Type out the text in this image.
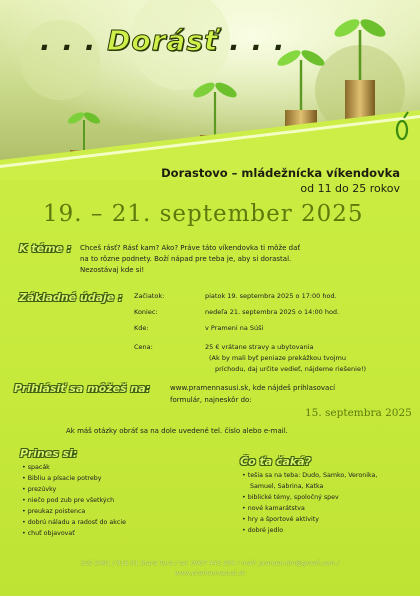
. . . Dorásť . . .
Dorastovo – mládežnícka víkendovka
od 11 do 25 rokov
19. – 21. september 2025
K téme : Chceš rásť? Rásť kam? Ako? Práve táto víkendovka ti môže dať
na to rôzne podnety. Boží nápad pre teba je, aby si dorastal.
Nezostávaj kde si!
Základné údaje : Začiatok:	piatok 19. septembra 2025 o 17:00 hod.
Koniec:	nedeľa 21. septembra 2025 o 14:00 hod.
Kde:	v Prameni na Súši
Cena:	25 € vrátane stravy a ubytovania
(Ak by mali byť peniaze prekážkou tvojmu
príchodu, daj určite vedieť, nájdeme riešenie!)
Prihlásiť sa môžeš na:	www.pramennasusi.sk, kde nájdeš prihlasovací
formulár, najneskôr do:
15. septembra 2025
Ak máš otázky obráť sa na dole uvedené tel. číslo alebo e-mail.
Prines si:
• spacák
• Bibliu a písacie potreby
• prezúvky
• niečo pod zub pre všetkých
• preukaz poistenca
• dobrú náladu a radosť do akcie
• chuť objavovať
Čo ťa čaká?
• tešia sa na teba: Dudo, Samko, Veronika,
Samuel, Sabrina, Katka
• biblické témy, spoločný spev
• nové kamarátstva
• hry a športové aktivity
• dobré jedlo
Súš 2481 / 916 01 Stará Turá / tel. 0907 445 294 / mail: pramen.tim@gmail.com /
www.pramennasusi.sk
